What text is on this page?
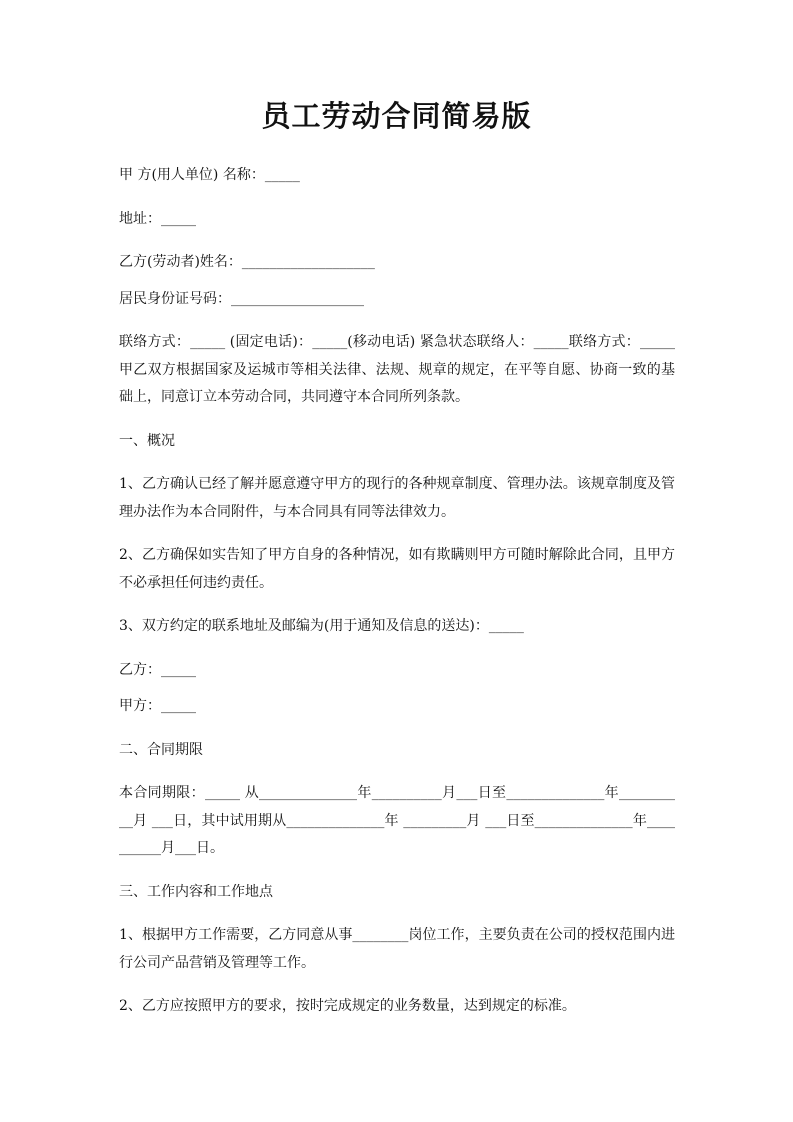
员工劳动合同简易版
甲 方(用人单位) 名称：_____
地址：_____
乙方(劳动者)姓名：___________________
居民身份证号码：___________________
联络方式：_____ (固定电话)：_____(移动电话) 紧急状态联络人：_____联络方式：_____ 甲乙双方根据国家及运城市等相关法律、法规、规章的规定，在平等自愿、协商一致的基础上，同意订立本劳动合同，共同遵守本合同所列条款。
一、概况
1、乙方确认已经了解并愿意遵守甲方的现行的各种规章制度、管理办法。该规章制度及管理办法作为本合同附件，与本合同具有同等法律效力。
2、乙方确保如实告知了甲方自身的各种情况，如有欺瞒则甲方可随时解除此合同，且甲方不必承担任何违约责任。
3、双方约定的联系地址及邮编为(用于通知及信息的送达)：_____
乙方：_____
甲方：_____
二、合同期限
本合同期限：_____ 从______________年__________月___日至______________年__________月 ___日，其中试用期从______________年 _________月 ___日至______________年__________月___日。
三、工作内容和工作地点
1、根据甲方工作需要，乙方同意从事________岗位工作，主要负责在公司的授权范围内进行公司产品营销及管理等工作。
2、乙方应按照甲方的要求，按时完成规定的业务数量，达到规定的标准。
